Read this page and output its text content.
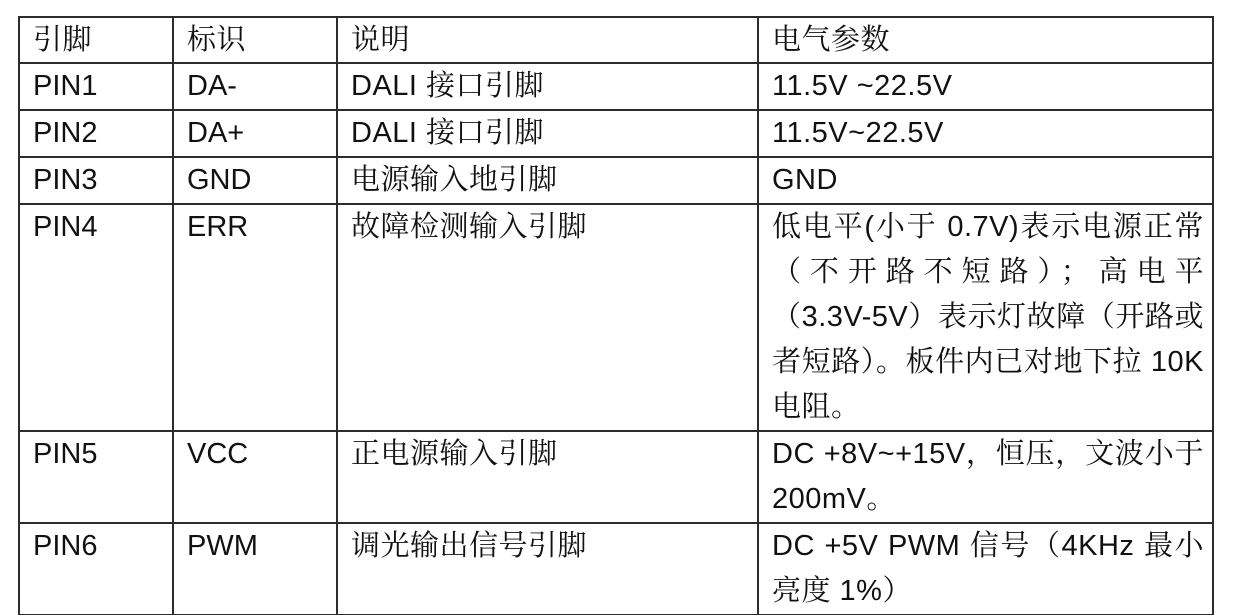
引脚	标识	说明	电气参数
PIN1	DA-	DALI 接口引脚	11.5V ~22.5V
PIN2	DA+	DALI 接口引脚	11.5V~22.5V
PIN3	GND	电源输入地引脚	GND
PIN4	ERR	故障检测输入引脚	低电平(小于 0.7V)表示电源正常（不开路不短路）；高电平（3.3V-5V）表示灯故障（开路或者短路）。板件内已对地下拉 10K 电阻。
PIN5	VCC	正电源输入引脚	DC +8V~+15V，恒压，文波小于 200mV。
PIN6	PWM	调光输出信号引脚	DC +5V PWM 信号（4KHz 最小亮度 1%）
